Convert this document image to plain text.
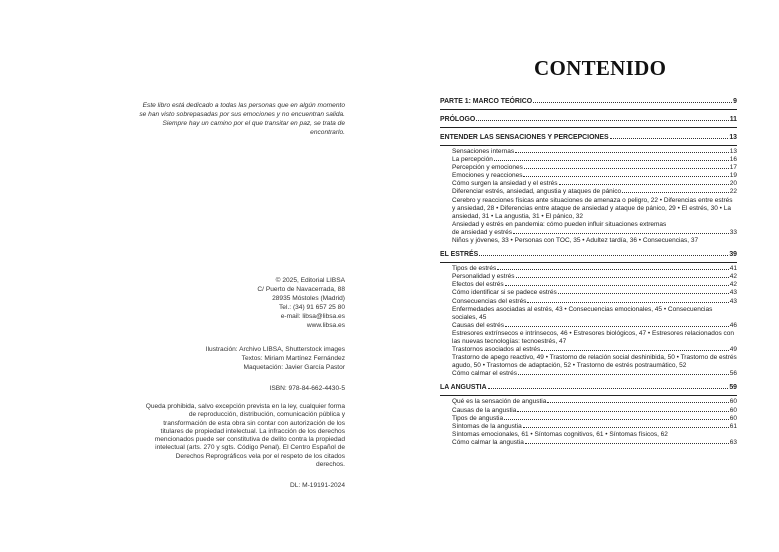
Este libro está dedicado a todas las personas que en algún momento se han visto sobrepasadas por sus emociones y no encuentran salida. Siempre hay un camino por el que transitar en paz, se trata de encontrarlo.
© 2025, Editorial LIBSA
C/ Puerto de Navacerrada, 88
28935 Móstoles (Madrid)
Tel.: (34) 91 657 25 80
e-mail: libsa@libsa.es
www.libsa.es
Ilustración: Archivo LIBSA, Shutterstock images
Textos: Miriam Martínez Fernández
Maquetación: Javier García Pastor
ISBN: 978-84-662-4430-5
Queda prohibida, salvo excepción prevista en la ley, cualquier forma de reproducción, distribución, comunicación pública y transformación de esta obra sin contar con autorización de los titulares de propiedad intelectual. La infracción de los derechos mencionados puede ser constitutiva de delito contra la propiedad intelectual (arts. 270 y sgts. Código Penal). El Centro Español de Derechos Reprográficos vela por el respeto de los citados derechos.
DL: M-19191-2024
CONTENIDO
PARTE 1: MARCO TEÓRICO	9
PRÓLOGO	11
ENTENDER LAS SENSACIONES Y PERCEPCIONES	13
Sensaciones internas	13
La percepción	16
Percepción y emociones	17
Emociones y reacciones	19
Cómo surgen la ansiedad y el estrés	20
Diferenciar estrés, ansiedad, angustia y ataques de pánico	22
Cerebro y reacciones físicas ante situaciones de amenaza o peligro, 22 • Diferencias entre estrés y ansiedad, 28 • Diferencias entre ataque de ansiedad y ataque de pánico, 29 • El estrés, 30 • La ansiedad, 31 • La angustia, 31 • El pánico, 32
Ansiedad y estrés en pandemia: cómo pueden influir situaciones extremas
de ansiedad y estrés	33
Niños y jóvenes, 33 • Personas con TOC, 35 • Adultez tardía, 36 • Consecuencias, 37
EL ESTRÉS	39
Tipos de estrés	41
Personalidad y estrés	42
Efectos del estrés	42
Cómo identificar si se padece estrés	43
Consecuencias del estrés	43
Enfermedades asociadas al estrés, 43 • Consecuencias emocionales, 45 • Consecuencias sociales, 45
Causas del estrés	46
Estresores extrínsecos e intrínsecos, 46 • Estresores biológicos, 47 • Estresores relacionados con las nuevas tecnologías: tecnoestrés, 47
Trastornos asociados al estrés	49
Trastorno de apego reactivo, 49 • Trastorno de relación social deshinibida, 50 • Trastorno de estrés agudo, 50 • Trastornos de adaptación, 52 • Trastorno de estrés postraumático, 52
Cómo calmar el estrés	56
LA ANGUSTIA	59
Qué es la sensación de angustia	60
Causas de la angustia	60
Tipos de angustia	60
Síntomas de la angustia	61
Síntomas emocionales, 61 • Síntomas cognitivos, 61 • Síntomas físicos, 62
Cómo calmar la angustia	63
